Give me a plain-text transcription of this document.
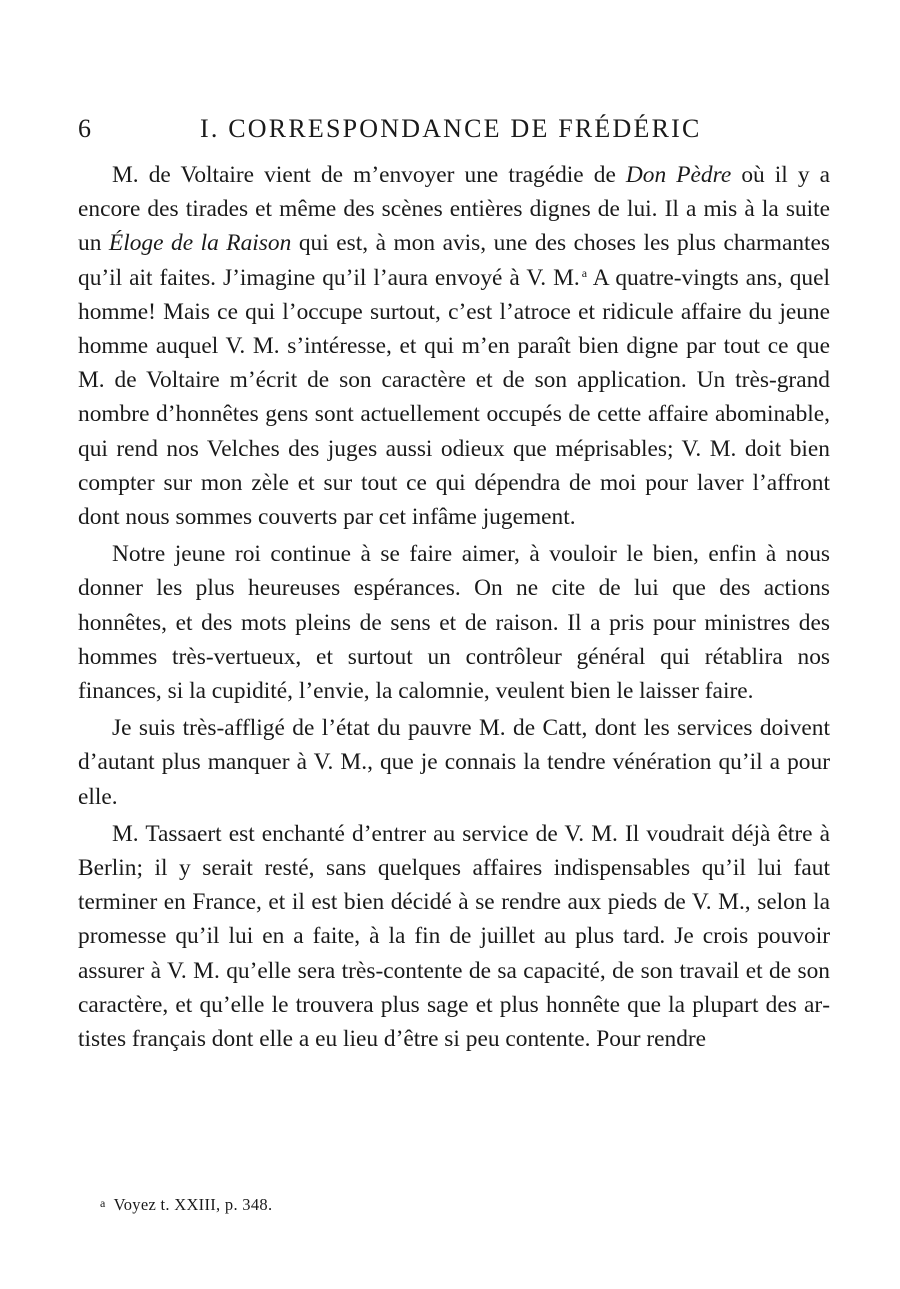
6	I. CORRESPONDANCE DE FRÉDÉRIC

M. de Voltaire vient de m’envoyer une tragédie de Don Pèdre où il y a encore des tirades et même des scènes entières dignes de lui. Il a mis à la suite un Éloge de la Raison qui est, à mon avis, une des choses les plus charmantes qu’il ait faites. J’imagine qu’il l’aura envoyé à V. M. $^a$ A quatre-vingts ans, quel homme! Mais ce qui l’occupe surtout, c’est l’atroce et ridicule affaire du jeune homme auquel V. M. s’intéresse, et qui m’en paraît bien digne par tout ce que M. de Voltaire m’écrit de son caractère et de son application. Un très-grand nombre d’honnêtes gens sont actuellement occupés de cette affaire abominable, qui rend nos Velches des juges aussi odieux que méprisables; V. M. doit bien compter sur mon zèle et sur tout ce qui dépendra de moi pour laver l’affront dont nous sommes couverts par cet infâme jugement.

Notre jeune roi continue à se faire aimer, à vouloir le bien, enfin à nous donner les plus heureuses espérances. On ne cite de lui que des actions honnêtes, et des mots pleins de sens et de raison. Il a pris pour ministres des hommes très-vertueux, et surtout un contrôleur général qui rétablira nos finances, si la cupidité, l’envie, la calomnie, veulent bien le laisser faire.

Je suis très-affligé de l’état du pauvre M. de Catt, dont les services doivent d’autant plus manquer à V. M., que je connais la tendre vénération qu’il a pour elle.

M. Tassaert est enchanté d’entrer au service de V. M. Il voudrait déjà être à Berlin; il y serait resté, sans quelques affaires indispensables qu’il lui faut terminer en France, et il est bien décidé à se rendre aux pieds de V. M., selon la promesse qu’il lui en a faite, à la fin de juillet au plus tard. Je crois pouvoir assurer à V. M. qu’elle sera très-contente de sa capacité, de son travail et de son caractère, et qu’elle le trouvera plus sage et plus honnête que la plupart des artistes français dont elle a eu lieu d’être si peu contente. Pour rendre

a Voyez t. XXIII, p. 348.
